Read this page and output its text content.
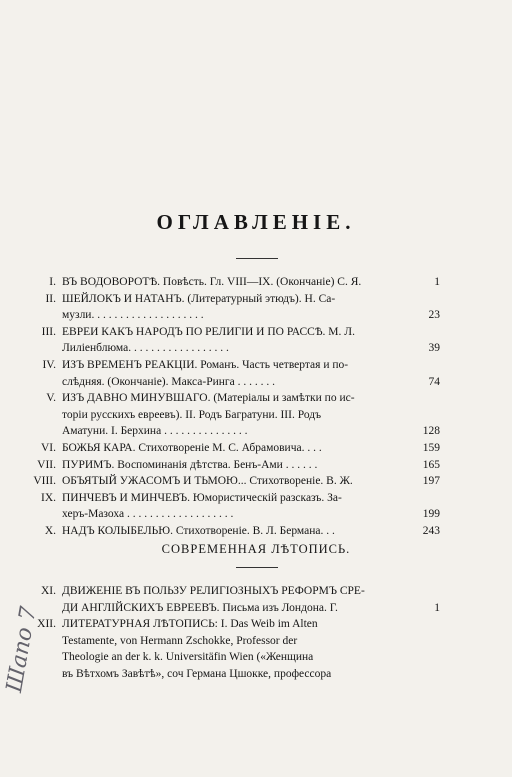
ОГЛАВЛЕНІЕ.
I. ВЪ ВОДОВОРОТѢ. Повѣсть. Гл. VIII—IX. (Окончаніе) С. Я.	1
II. ШЕЙЛОКЪ И НАТАНЪ. (Литературный этюдъ). Н. Са-
музли. . . . . . . . . . . . . . . . . . . .	23
III. ЕВРЕИ КАКЪ НАРОДЪ ПО РЕЛИГІИ И ПО РАССѢ. М. Л.
Лиліенблюма. . . . . . . . . . . . . . . . . .	39
IV. ИЗЪ ВРЕМЕНЪ РЕАКЦІИ. Романъ. Часть четвертая и по-
слѣдняя. (Окончаніе). Макса-Ринга . . . . . . .	74
V. ИЗЪ ДАВНО МИНУВШАГО. (Матеріалы и замѣтки по ис-
торіи русскихъ евреевъ). II. Родъ Багратуни. III. Родъ
Аматуни. I. Берхина . . . . . . . . . . . . . . .	128
VI. БОЖЬЯ КАРА. Стихотвореніе М. С. Абрамовича. . . .	159
VII. ПУРИМЪ. Воспоминанія дѣтства. Бенъ-Ами . . . . . .	165
VIII. ОБЪЯТЫЙ УЖАСОМЪ И ТЬМОЮ... Стихотвореніе. В. Ж.	197
IX. ПИНЧЕВЪ И МИНЧЕВЪ. Юмористическій разсказъ. За-
херъ-Мазоха . . . . . . . . . . . . . . . . . . .	199
X. НАДЪ КОЛЫБЕЛЬЮ. Стихотвореніе. В. Л. Бермана. . .	243
XI. ДВИЖЕНІЕ ВЪ ПОЛЬЗУ РЕЛИГІОЗНЫХЪ РЕФОРМЪ СРЕ-
ДИ АНГЛІЙСКИХЪ ЕВРЕЕВЪ. Письма изъ Лондона. Г.	1
XII. ЛИТЕРАТУРНАЯ ЛѢТОПИСЬ: I. Das Weib im Alten
Testamente, von Hermann Zschokke, Professor der
Theologie an der k. k. Universitäfin Wien («Женщина
въ Вѣтхомъ Завѣтѣ», соч Германа Цшокке, профессора
СОВРЕМЕННАЯ ЛѢТОПИСЬ.
Шапо 7
